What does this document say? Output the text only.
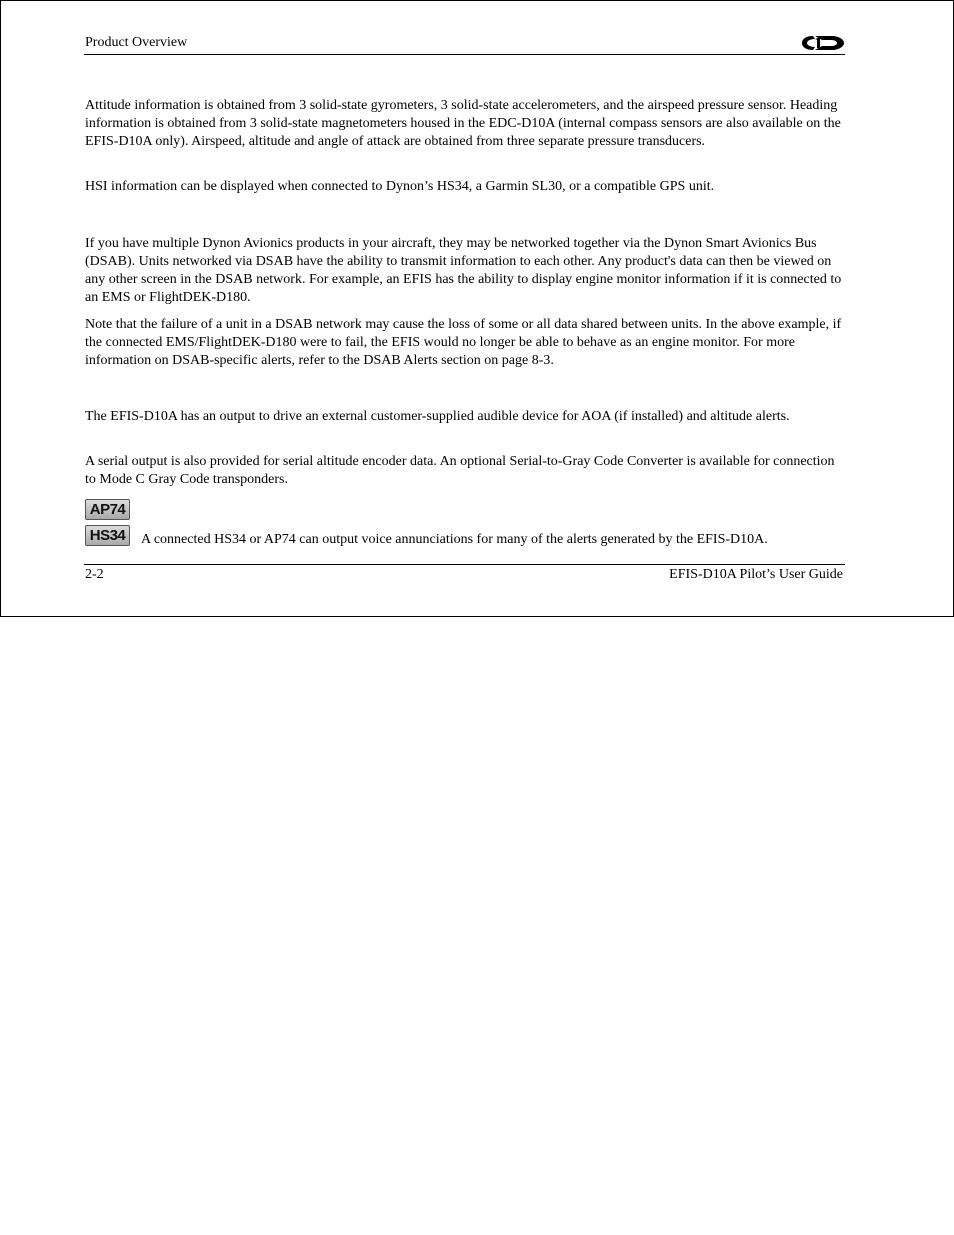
Product Overview

Attitude information is obtained from 3 solid-state gyrometers, 3 solid-state accelerometers, and the airspeed pressure sensor. Heading information is obtained from 3 solid-state magnetometers housed in the EDC-D10A (internal compass sensors are also available on the EFIS-D10A only). Airspeed, altitude and angle of attack are obtained from three separate pressure transducers.

HSI information can be displayed when connected to Dynon’s HS34, a Garmin SL30, or a compatible GPS unit.

If you have multiple Dynon Avionics products in your aircraft, they may be networked together via the Dynon Smart Avionics Bus (DSAB). Units networked via DSAB have the ability to transmit information to each other. Any product's data can then be viewed on any other screen in the DSAB network. For example, an EFIS has the ability to display engine monitor information if it is connected to an EMS or FlightDEK-D180.

Note that the failure of a unit in a DSAB network may cause the loss of some or all data shared between units. In the above example, if the connected EMS/FlightDEK-D180 were to fail, the EFIS would no longer be able to behave as an engine monitor. For more information on DSAB-specific alerts, refer to the DSAB Alerts section on page 8-3.

The EFIS-D10A has an output to drive an external customer-supplied audible device for AOA (if installed) and altitude alerts.

A serial output is also provided for serial altitude encoder data. An optional Serial-to-Gray Code Converter is available for connection to Mode C Gray Code transponders.

AP74
HS34	A connected HS34 or AP74 can output voice annunciations for many of the alerts generated by the EFIS-D10A.
2-2	EFIS-D10A Pilot’s User Guide
